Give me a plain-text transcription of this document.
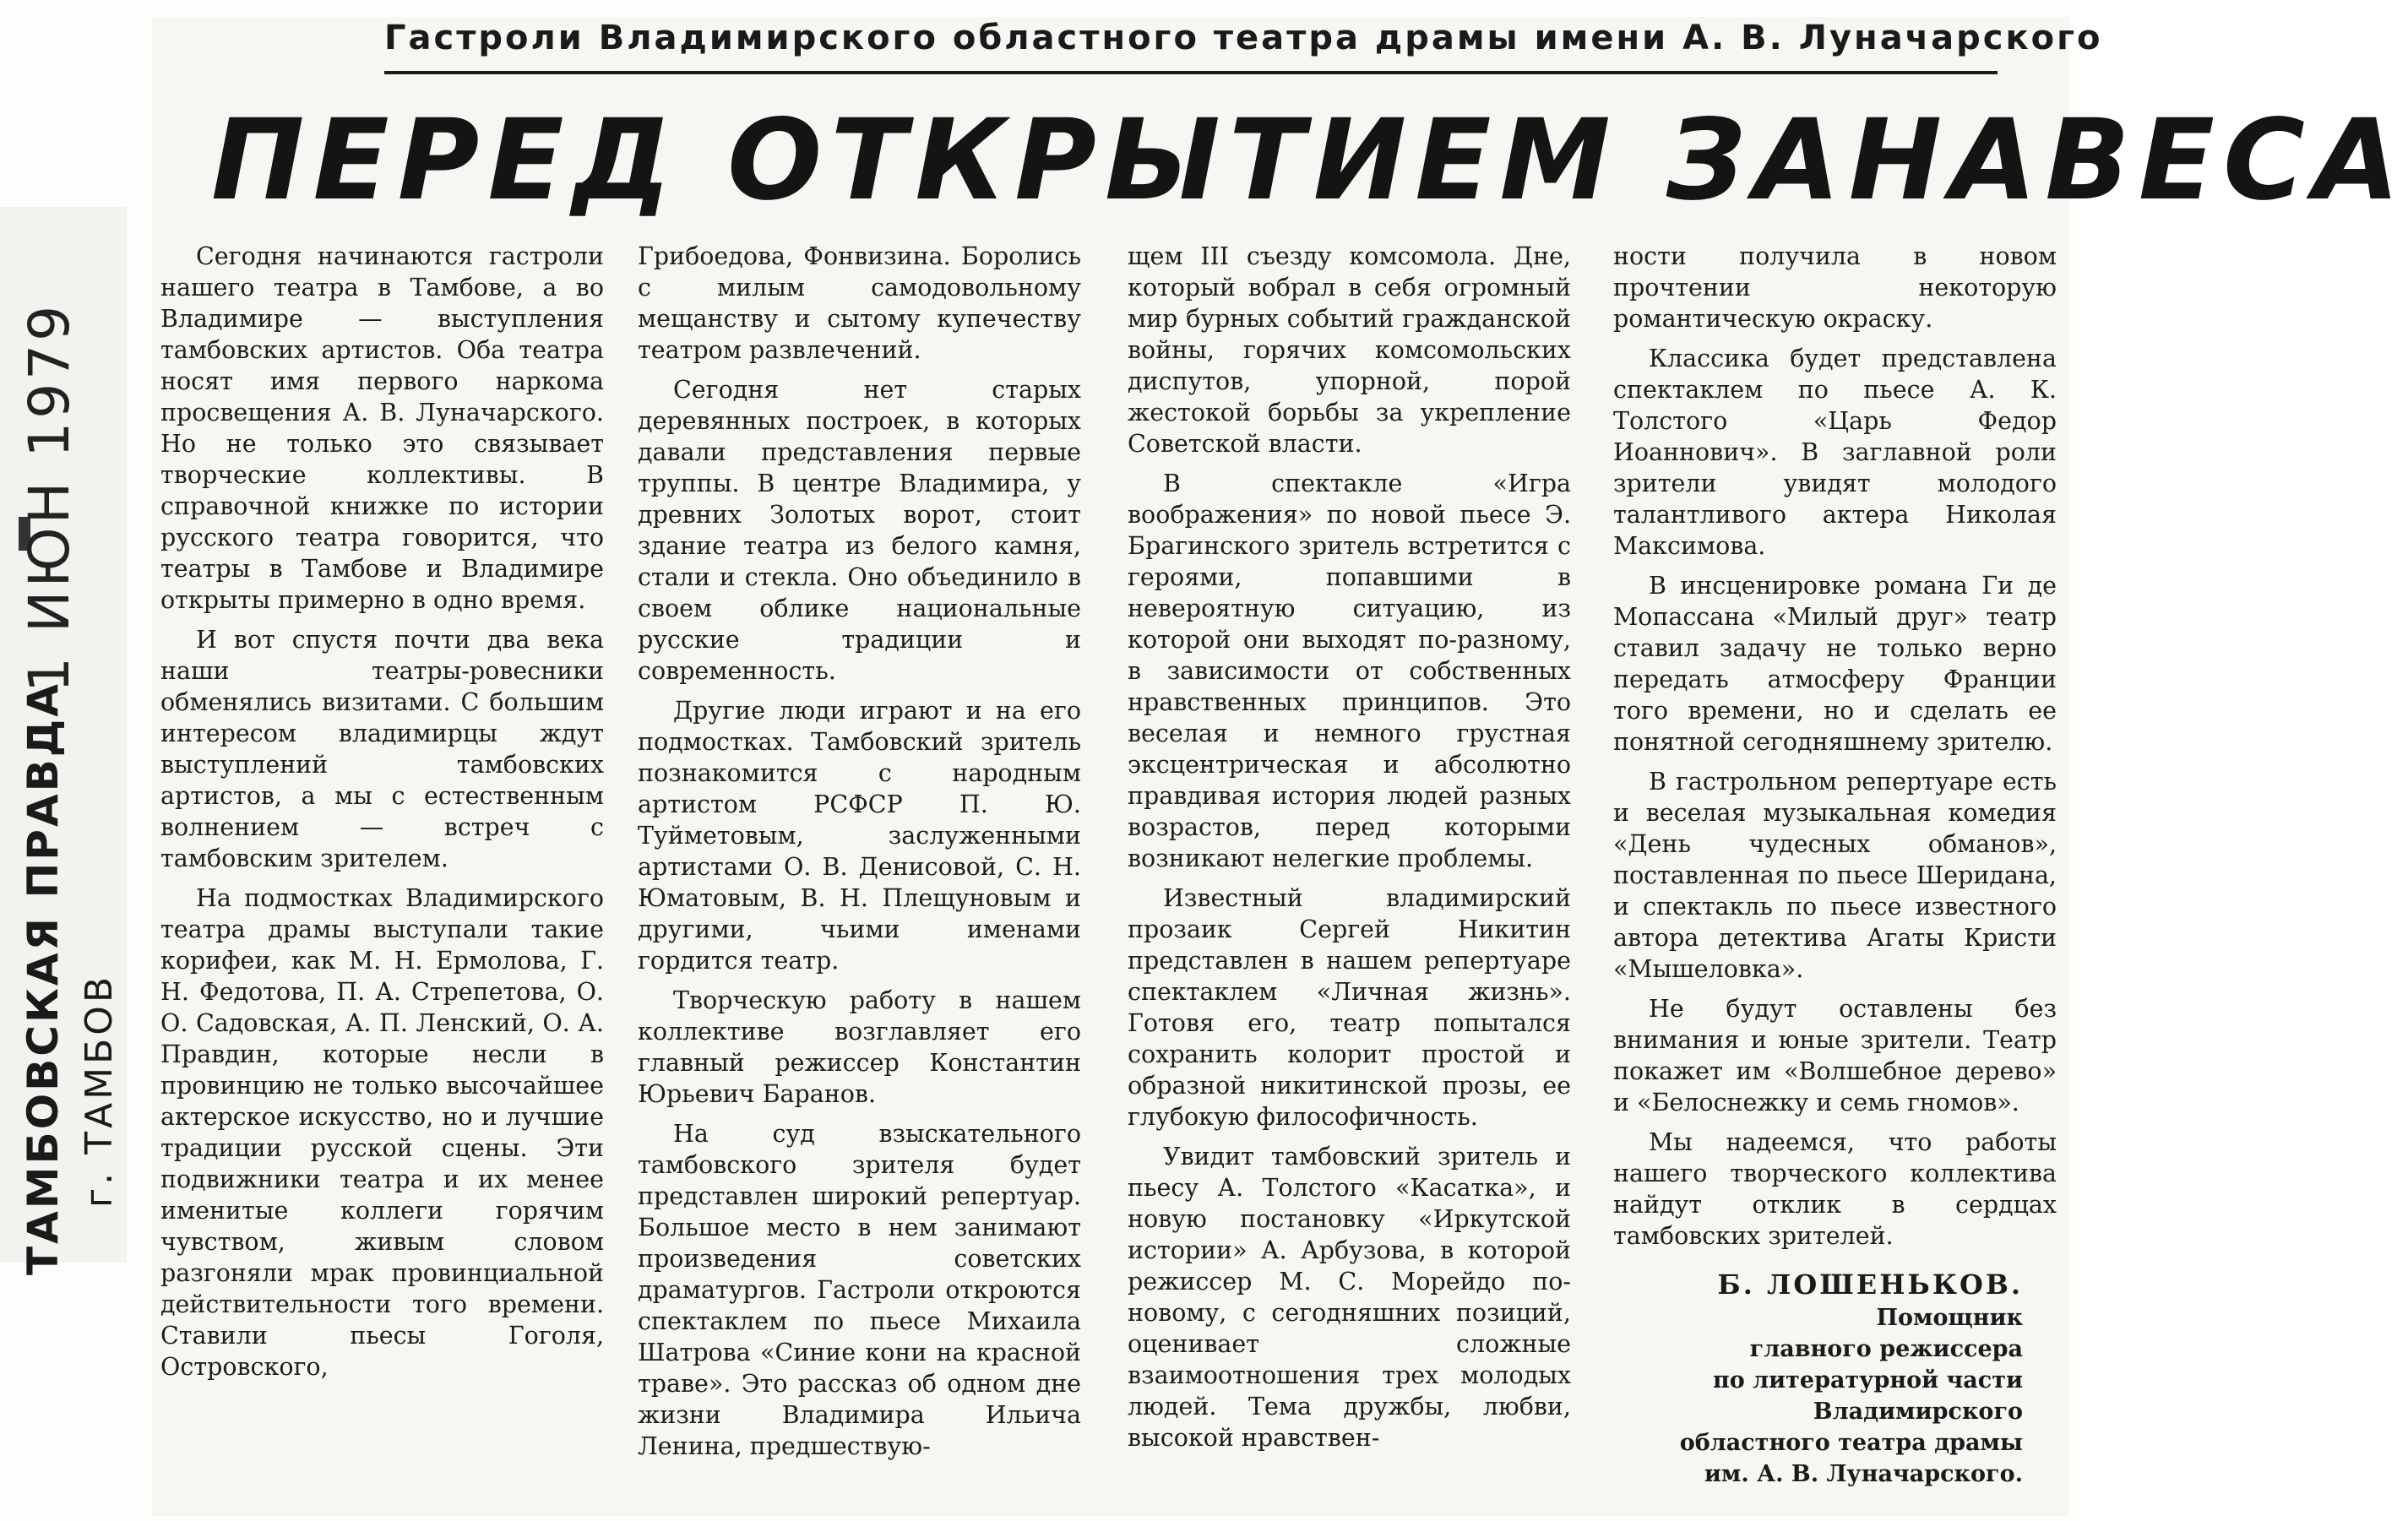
Гастроли Владимирского областного театра драмы имени А. В. Луначарского
ПЕРЕД ОТКРЫТИЕМ ЗАНАВЕСА
1 ИЮН 1979
ТАМБОВСКАЯ ПРАВДА г. ТАМБОВ

Сегодня начинаются гастроли нашего театра в Тамбове, а во Владимире — выступления тамбовских артистов. Оба театра носят имя первого наркома просвещения А. В. Луначарского. Но не только это связывает творческие коллективы. В справочной книжке по истории русского театра говорится, что театры в Тамбове и Владимире открыты примерно в одно время.

И вот спустя почти два века наши театры-ровесники обменялись визитами. С большим интересом владимирцы ждут выступлений тамбовских артистов, а мы с естественным волнением — встреч с тамбовским зрителем.

На подмостках Владимирского театра драмы выступали такие корифеи, как М. Н. Ермолова, Г. Н. Федотова, П. А. Стрепетова, О. О. Садовская, А. П. Ленский, О. А. Правдин, которые несли в провинцию не только высочайшее актерское искусство, но и лучшие традиции русской сцены. Эти подвижники театра и их менее именитые коллеги горячим чувством, живым словом разгоняли мрак провинциальной действительности того времени. Ставили пьесы Гоголя, Островского,

Грибоедова, Фонвизина. Боролись с милым самодовольному мещанству и сытому купечеству театром развлечений.

Сегодня нет старых деревянных построек, в которых давали представления первые труппы. В центре Владимира, у древних Золотых ворот, стоит здание театра из белого камня, стали и стекла. Оно объединило в своем облике национальные русские традиции и современность.

Другие люди играют и на его подмостках. Тамбовский зритель познакомится с народным артистом РСФСР П. Ю. Туйметовым, заслуженными артистами О. В. Денисовой, С. Н. Юматовым, В. Н. Плещуновым и другими, чьими именами гордится театр.

Творческую работу в нашем коллективе возглавляет его главный режиссер Константин Юрьевич Баранов.

На суд взыскательного тамбовского зрителя будет представлен широкий репертуар. Большое место в нем занимают произведения советских драматургов. Гастроли откроются спектаклем по пьесе Михаила Шатрова «Синие кони на красной траве». Это рассказ об одном дне жизни Владимира Ильича Ленина, предшествую-

щем III съезду комсомола. Дне, который вобрал в себя огромный мир бурных событий гражданской войны, горячих комсомольских диспутов, упорной, порой жестокой борьбы за укрепление Советской власти.

В спектакле «Игра воображения» по новой пьесе Э. Брагинского зритель встретится с героями, попавшими в невероятную ситуацию, из которой они выходят по-разному, в зависимости от собственных нравственных принципов. Это веселая и немного грустная эксцентрическая и абсолютно правдивая история людей разных возрастов, перед которыми возникают нелегкие проблемы.

Известный владимирский прозаик Сергей Никитин представлен в нашем репертуаре спектаклем «Личная жизнь». Готовя его, театр попытался сохранить колорит простой и образной никитинской прозы, ее глубокую философичность.

Увидит тамбовский зритель и пьесу А. Толстого «Касатка», и новую постановку «Иркутской истории» А. Арбузова, в которой режиссер М. С. Морейдо по-новому, с сегодняшних позиций, оценивает сложные взаимоотношения трех молодых людей. Тема дружбы, любви, высокой нравствен-

ности получила в новом прочтении некоторую романтическую окраску.

Классика будет представлена спектаклем по пьесе А. К. Толстого «Царь Федор Иоаннович». В заглавной роли зрители увидят молодого талантливого актера Николая Максимова.

В инсценировке романа Ги де Мопассана «Милый друг» театр ставил задачу не только верно передать атмосферу Франции того времени, но и сделать ее понятной сегодняшнему зрителю.

В гастрольном репертуаре есть и веселая музыкальная комедия «День чудесных обманов», поставленная по пьесе Шеридана, и спектакль по пьесе известного автора детектива Агаты Кристи «Мышеловка».

Не будут оставлены без внимания и юные зрители. Театр покажет им «Волшебное дерево» и «Белоснежку и семь гномов».

Мы надеемся, что работы нашего творческого коллектива найдут отклик в сердцах тамбовских зрителей.

Б. ЛОШЕНЬКОВ.
Помощник
главного режиссера
по литературной части
Владимирского
областного театра драмы
им. А. В. Луначарского.
